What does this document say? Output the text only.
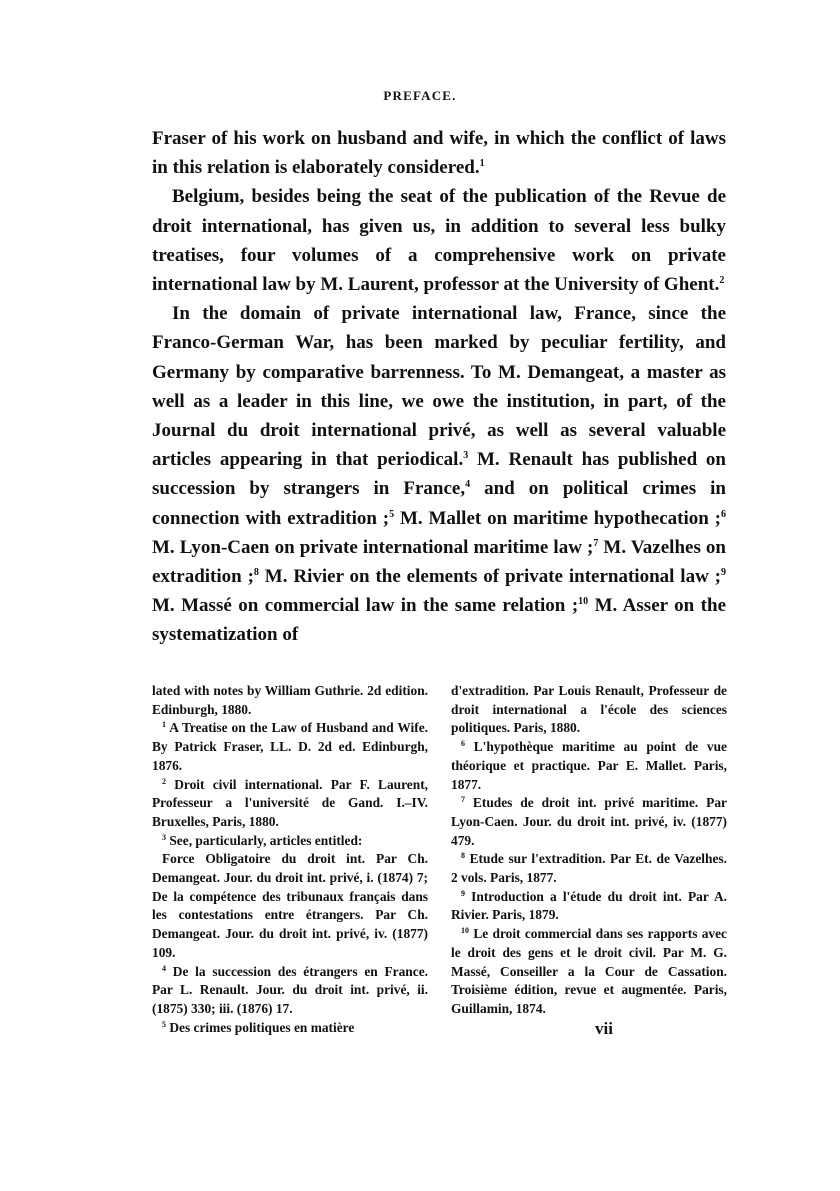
PREFACE.

Fraser of his work on husband and wife, in which the conflict of laws in this relation is elaborately considered.$^1$

Belgium, besides being the seat of the publication of the Revue de droit international, has given us, in addition to several less bulky treatises, four volumes of a comprehensive work on private international law by M. Laurent, professor at the University of Ghent.$^2$

In the domain of private international law, France, since the Franco-German War, has been marked by peculiar fertility, and Germany by comparative barrenness. To M. Demangeat, a master as well as a leader in this line, we owe the institution, in part, of the Journal du droit international privé, as well as several valuable articles appearing in that periodical.$^3$ M. Renault has published on succession by strangers in France,$^4$ and on political crimes in connection with extradition ;$^5$ M. Mallet on maritime hypothecation ;$^6$ M. Lyon-Caen on private international maritime law ;$^7$ M. Vazelhes on extradition ;$^8$ M. Rivier on the elements of private international law ;$^9$ M. Massé on commercial law in the same relation ;$^{10}$ M. Asser on the systematization of

lated with notes by William Guthrie. 2d edition. Edinburgh, 1880.

$^1$ A Treatise on the Law of Husband and Wife. By Patrick Fraser, LL. D. 2d ed. Edinburgh, 1876.

$^2$ Droit civil international. Par F. Laurent, Professeur a l'université de Gand. I.–IV. Bruxelles, Paris, 1880.

$^3$ See, particularly, articles entitled:

Force Obligatoire du droit int. Par Ch. Demangeat. Jour. du droit int. privé, i. (1874) 7; De la compétence des tribunaux français dans les contestations entre étrangers. Par Ch. Demangeat. Jour. du droit int. privé, iv. (1877) 109.

$^4$ De la succession des étrangers en France. Par L. Renault. Jour. du droit int. privé, ii. (1875) 330; iii. (1876) 17.

$^5$ Des crimes politiques en matière

d'extradition. Par Louis Renault, Professeur de droit international a l'école des sciences politiques. Paris, 1880.

$^6$ L'hypothèque maritime au point de vue théorique et practique. Par E. Mallet. Paris, 1877.

$^7$ Etudes de droit int. privé maritime. Par Lyon-Caen. Jour. du droit int. privé, iv. (1877) 479.

$^8$ Etude sur l'extradition. Par Et. de Vazelhes. 2 vols. Paris, 1877.

$^9$ Introduction a l'étude du droit int. Par A. Rivier. Paris, 1879.

$^{10}$ Le droit commercial dans ses rapports avec le droit des gens et le droit civil. Par M. G. Massé, Conseiller a la Cour de Cassation. Troisième édition, revue et augmentée. Paris, Guillamin, 1874.

vii
